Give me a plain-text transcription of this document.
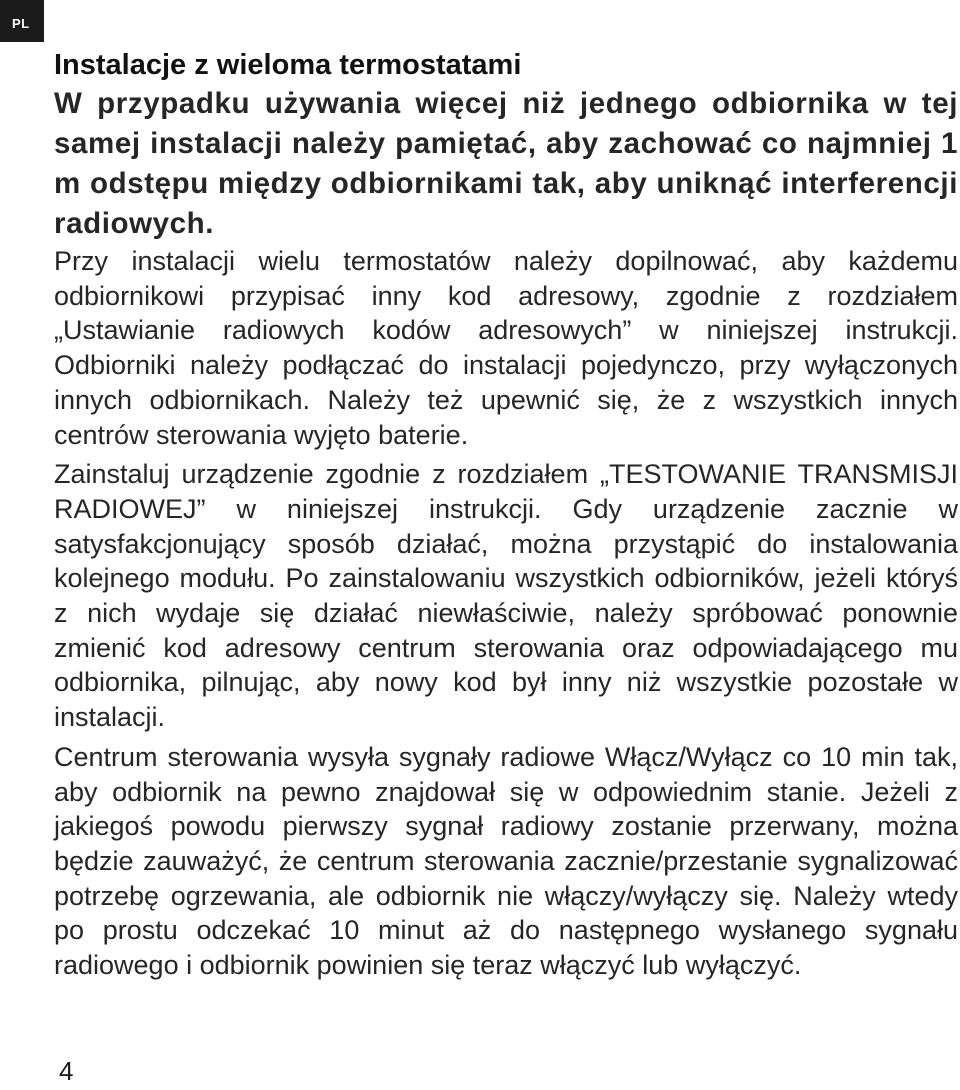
PL
Instalacje z wieloma termostatami

W przypadku używania więcej niż jednego odbiornika w tej samej instalacji należy pamiętać, aby zachować co najmniej 1 m odstępu między odbiornikami tak, aby uniknąć interferencji radiowych.

Przy instalacji wielu termostatów należy dopilnować, aby każdemu odbiornikowi przypisać inny kod adresowy, zgodnie z rozdziałem „Ustawianie radiowych kodów adresowych” w niniejszej instrukcji. Odbiorniki należy podłączać do instalacji pojedynczo, przy wyłączonych innych odbiornikach. Należy też upewnić się, że z wszystkich innych centrów sterowania wyjęto baterie.

Zainstaluj urządzenie zgodnie z rozdziałem „TESTOWANIE TRANSMISJI RADIOWEJ” w niniejszej instrukcji. Gdy urządzenie zacznie w satysfakcjonujący sposób działać, można przystąpić do instalowania kolejnego modułu. Po zainstalowaniu wszystkich odbiorników, jeżeli któryś z nich wydaje się działać niewłaściwie, należy spróbować ponownie zmienić kod adresowy centrum sterowania oraz odpowiadającego mu odbiornika, pilnując, aby nowy kod był inny niż wszystkie pozostałe w instalacji.

Centrum sterowania wysyła sygnały radiowe Włącz/Wyłącz co 10 min tak, aby odbiornik na pewno znajdował się w odpowiednim stanie. Jeżeli z jakiegoś powodu pierwszy sygnał radiowy zostanie przerwany, można będzie zauważyć, że centrum sterowania zacznie/przestanie sygnalizować potrzebę ogrzewania, ale odbiornik nie włączy/wyłączy się. Należy wtedy po prostu odczekać 10 minut aż do następnego wysłanego sygnału radiowego i odbiornik powinien się teraz włączyć lub wyłączyć.

4
